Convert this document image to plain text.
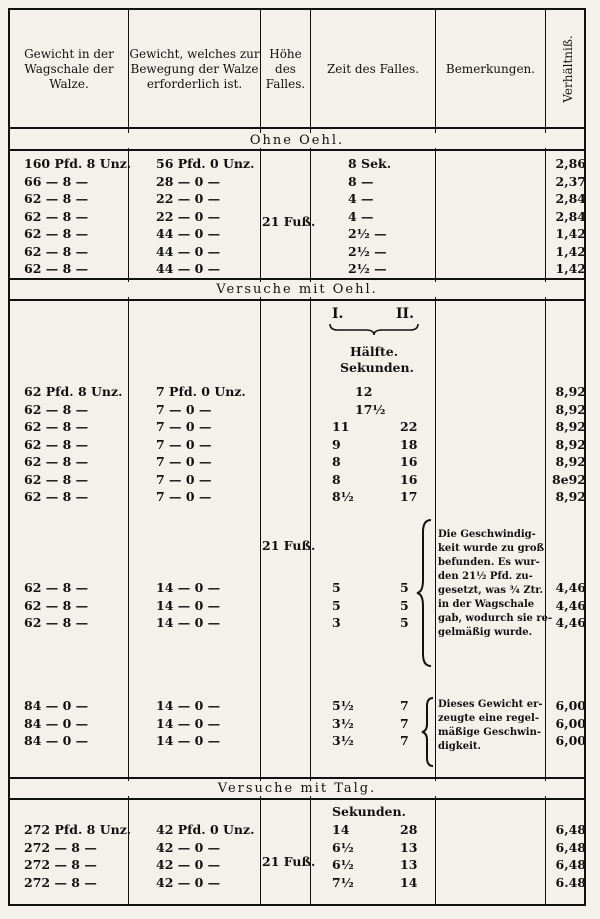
Gewicht in der Wagschale der Walze.
Gewicht, welches zur Bewegung der Walze erforderlich ist.
Höhe des Falles.
Zeit des Falles.	Bemerkungen.	Verhältniß.
Ohne Oehl.
21 Fuß.
Versuche mit Oehl.
I.	II.
Hälfte.
Sekunden.
21 Fuß.
Die Geschwindig-
keit wurde zu groß
befunden. Es wur-
den 21½ Pfd. zu-
gesetzt, was ¾ Ztr.
in der Wagschale
gab, wodurch sie re-
gelmäßig wurde.
Dieses Gewicht er-
zeugte eine regel-
mäßige Geschwin-
digkeit.
Versuche mit Talg.
Sekunden.
21 Fuß.
160 Pfd. 8 Unz. 56 Pfd. 0 Unz.	8 Sek.	2,86
66 — 8 —	28 — 0 —	8 —	2,37
62 — 8 —	22 — 0 —	4 —	2,84
62 — 8 —	22 — 0 —	4 —	2,84
62 — 8 —	44 — 0 —	2½ —	1,42
62 — 8 —	44 — 0 —	2½ —	1,42
62 — 8 —	44 — 0 —	2½ —	1,42
62 Pfd. 8 Unz.	7 Pfd. 0 Unz.	12	8,92
62 — 8 —	7 — 0 —	17½	8,92
62 — 8 —	7 — 0 —	11	22	8,92
62 — 8 —	7 — 0 —	9	18	8,92
62 — 8 —	7 — 0 —	8	16	8,92
62 — 8 —	7 — 0 —	8	16	8e92
62 — 8 —	7 — 0 —	8½	17	8,92
62 — 8 —	14 — 0 —	5	5	4,46
62 — 8 —	14 — 0 —	5	5	4,46
62 — 8 —	14 — 0 —	3	5	4,46
84 — 0 —	14 — 0 —	5½	7	6,00
84 — 0 —	14 — 0 —	3½	7	6,00
84 — 0 —	14 — 0 —	3½	7	6,00
272 Pfd. 8 Unz. 42 Pfd. 0 Unz.	14	28	6,48
272 — 8 —	42 — 0 —	6½	13	6,48
272 — 8 —	42 — 0 —	6½	13	6,48
272 — 8 —	42 — 0 —	7½	14	6.48
